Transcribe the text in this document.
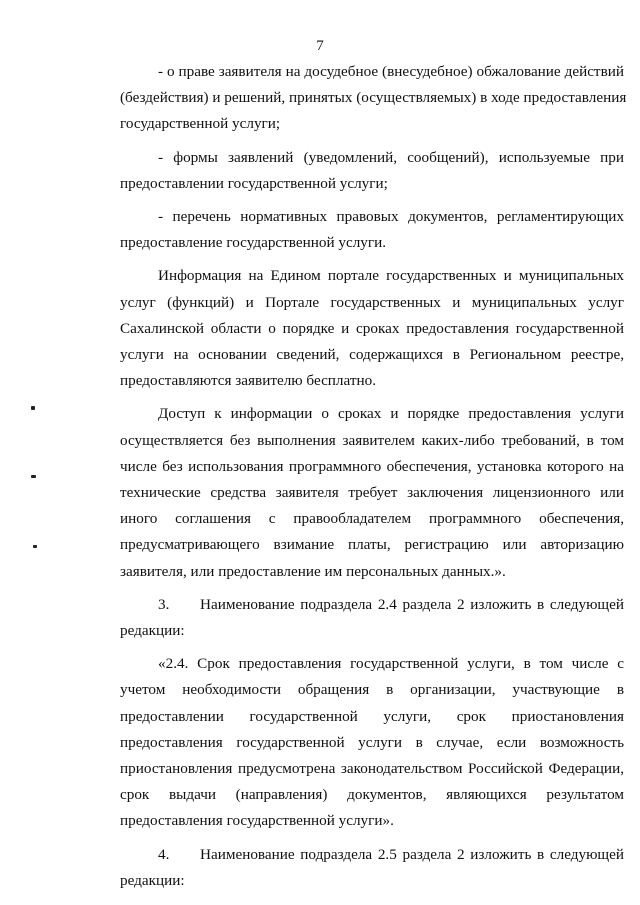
7
- о праве заявителя на досудебное (внесудебное) обжалование действий
(бездействия) и решений, принятых (осуществляемых) в ходе предоставления
государственной услуги;
- формы заявлений (уведомлений, сообщений), используемые при
предоставлении государственной услуги;
- перечень нормативных правовых документов, регламентирующих
предоставление государственной услуги.
Информация на Едином портале государственных и муниципальных
услуг (функций) и Портале государственных и муниципальных услуг
Сахалинской области о порядке и сроках предоставления государственной
услуги на основании сведений, содержащихся в Региональном реестре,
предоставляются заявителю бесплатно.
Доступ к информации о сроках и порядке предоставления услуги
осуществляется без выполнения заявителем каких-либо требований, в том
числе без использования программного обеспечения, установка которого на
технические средства заявителя требует заключения лицензионного или
иного соглашения с правообладателем программного обеспечения,
предусматривающего взимание платы, регистрацию или авторизацию
заявителя, или предоставление им персональных данных.».
3. Наименование подраздела 2.4 раздела 2 изложить в следующей
редакции:
«2.4. Срок предоставления государственной услуги, в том числе с
учетом необходимости обращения в организации, участвующие в
предоставлении государственной услуги, срок приостановления
предоставления государственной услуги в случае, если возможность
приостановления предусмотрена законодательством Российской Федерации,
срок выдачи (направления) документов, являющихся результатом
предоставления государственной услуги».
4. Наименование подраздела 2.5 раздела 2 изложить в следующей
редакции:
